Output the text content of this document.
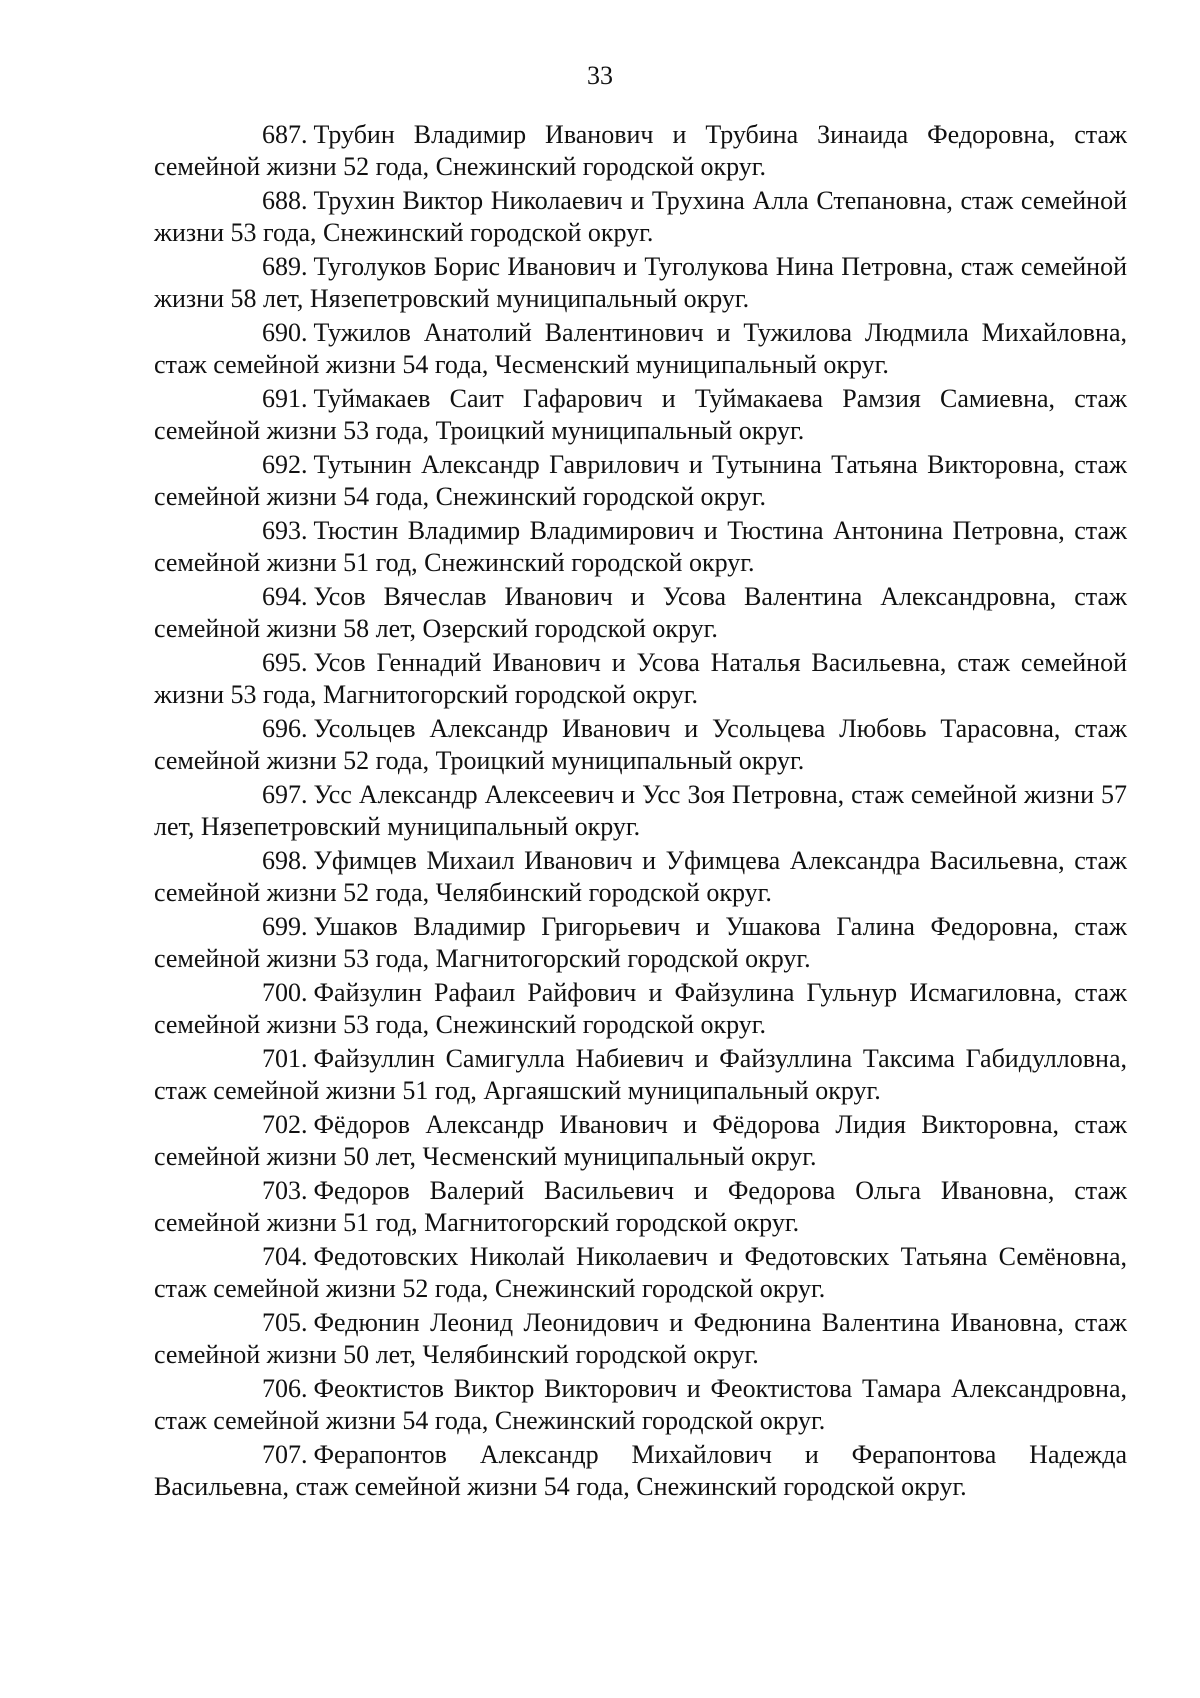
33

687. Трубин Владимир Иванович и Трубина Зинаида Федоровна, стаж семейной жизни 52 года, Снежинский городской округ.

688. Трухин Виктор Николаевич и Трухина Алла Степановна, стаж семейной жизни 53 года, Снежинский городской округ.

689. Туголуков Борис Иванович и Туголукова Нина Петровна, стаж семейной жизни 58 лет, Нязепетровский муниципальный округ.

690. Тужилов Анатолий Валентинович и Тужилова Людмила Михайловна, стаж семейной жизни 54 года, Чесменский муниципальный округ.

691. Туймакаев Саит Гафарович и Туймакаева Рамзия Самиевна, стаж семейной жизни 53 года, Троицкий муниципальный округ.

692. Тутынин Александр Гаврилович и Тутынина Татьяна Викторовна, стаж семейной жизни 54 года, Снежинский городской округ.

693. Тюстин Владимир Владимирович и Тюстина Антонина Петровна, стаж семейной жизни 51 год, Снежинский городской округ.

694. Усов Вячеслав Иванович и Усова Валентина Александровна, стаж семейной жизни 58 лет, Озерский городской округ.

695. Усов Геннадий Иванович и Усова Наталья Васильевна, стаж семейной жизни 53 года, Магнитогорский городской округ.

696. Усольцев Александр Иванович и Усольцева Любовь Тарасовна, стаж семейной жизни 52 года, Троицкий муниципальный округ.

697. Усс Александр Алексеевич и Усс Зоя Петровна, стаж семейной жизни 57 лет, Нязепетровский муниципальный округ.

698. Уфимцев Михаил Иванович и Уфимцева Александра Васильевна, стаж семейной жизни 52 года, Челябинский городской округ.

699. Ушаков Владимир Григорьевич и Ушакова Галина Федоровна, стаж семейной жизни 53 года, Магнитогорский городской округ.

700. Файзулин Рафаил Райфович и Файзулина Гульнур Исмагиловна, стаж семейной жизни 53 года, Снежинский городской округ.

701. Файзуллин Самигулла Набиевич и Файзуллина Таксима Габидулловна, стаж семейной жизни 51 год, Аргаяшский муниципальный округ.

702. Фёдоров Александр Иванович и Фёдорова Лидия Викторовна, стаж семейной жизни 50 лет, Чесменский муниципальный округ.

703. Федоров Валерий Васильевич и Федорова Ольга Ивановна, стаж семейной жизни 51 год, Магнитогорский городской округ.

704. Федотовских Николай Николаевич и Федотовских Татьяна Семёновна, стаж семейной жизни 52 года, Снежинский городской округ.

705. Федюнин Леонид Леонидович и Федюнина Валентина Ивановна, стаж семейной жизни 50 лет, Челябинский городской округ.

706. Феоктистов Виктор Викторович и Феоктистова Тамара Александровна, стаж семейной жизни 54 года, Снежинский городской округ.

707. Ферапонтов Александр Михайлович и Ферапонтова Надежда Васильевна, стаж семейной жизни 54 года, Снежинский городской округ.
